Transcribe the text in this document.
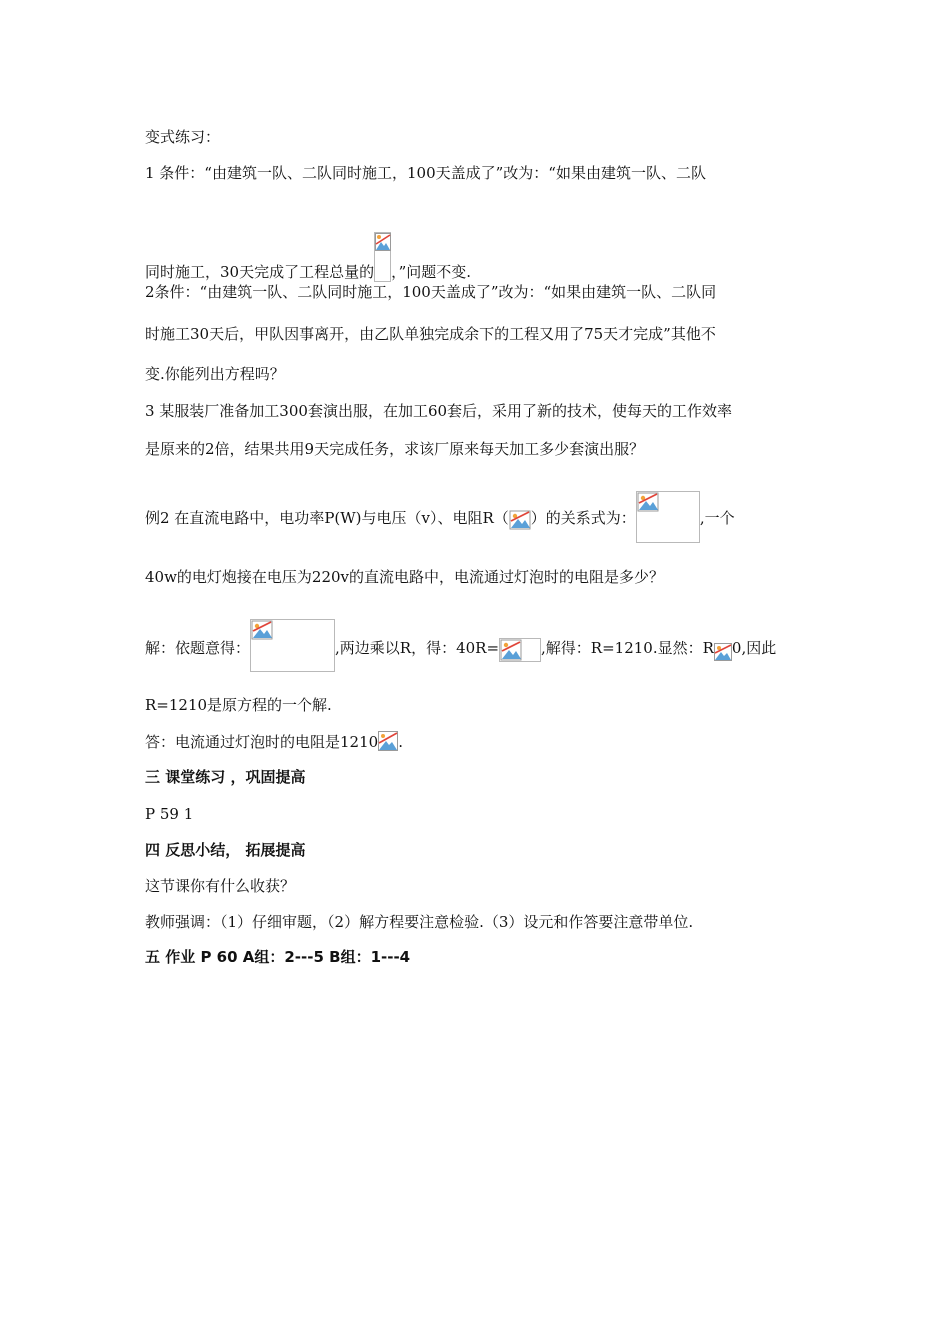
变式练习：
1 条件：“由建筑一队、二队同时施工，100天盖成了”改为：“如果由建筑一队、二队
同时施工，30天完成了工程总量的 ，”问题不变.
2条件：“由建筑一队、二队同时施工，100天盖成了”改为：“如果由建筑一队、二队同
时施工30天后，甲队因事离开，由乙队单独完成余下的工程又用了75天才完成”其他不
变.你能列出方程吗？
3 某服装厂准备加工300套演出服，在加工60套后，采用了新的技术，使每天的工作效率
是原来的2倍，结果共用9天完成任务，求该厂原来每天加工多少套演出服？
例2 在直流电路中，电功率P(W)与电压（v）、电阻R（ ）的关系式为：	,一个
40w的电灯炮接在电压为220v的直流电路中，电流通过灯泡时的电阻是多少？
解：依题意得：	,两边乘以R，得：40R=	,解得：R=1210.显然：R 0,因此
R=1210是原方程的一个解.
答：电流通过灯泡时的电阻是1210 .
三 课堂练习 ，巩固提高
P 59 1
四 反思小结， 拓展提高
这节课你有什么收获？
教师强调：（1）仔细审题，（2）解方程要注意检验.（3）设元和作答要注意带单位.
五 作业 P 60 A组：2---5 B组：1---4
